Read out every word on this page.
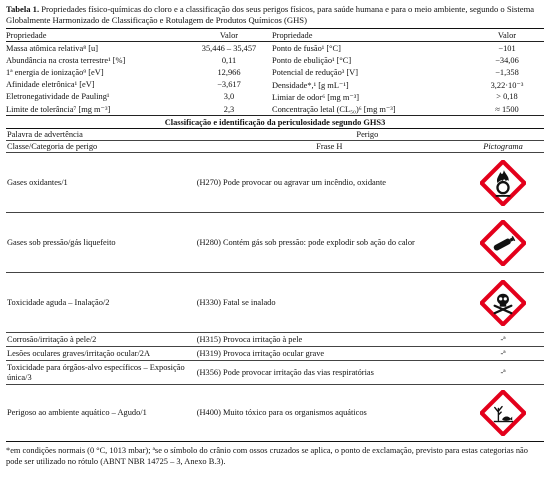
Tabela 1. Propriedades físico-químicas do cloro e a classificação dos seus perigos físicos, para saúde humana e para o meio ambiente, segundo o Sistema Globalmente Harmonizado de Classificação e Rotulagem de Produtos Químicos (GHS)

Propriedade	Valor	Propriedade	Valor
Massa atômica relativa⁸ [u]	35,446 – 35,457	Ponto de fusão¹ [°C]	−101
Abundância na crosta terrestre¹ [%]	0,11	Ponto de ebulição¹ [°C]	−34,06
1ª energia de ionização⁹ [eV]	12,966	Potencial de redução³ [V]	−1,358
Afinidade eletrônica¹ [eV]	−3,617	Densidade*,¹ [g mL⁻¹]	3,22·10⁻³
Eletronegatividade de Pauling¹	3,0	Limiar de odor⁶ [mg m⁻³]	> 0,18
Limite de tolerância⁷ [mg m⁻³]	2,3	Concentração letal (CL₅₀)⁶ [mg m⁻³]	≈ 1500
Classificação e identificação da periculosidade segundo GHS3		
Palavra de advertência	Perigo	
Classe/Categoria de perigo	Frase H	Pictograma
Gases oxidantes/1	(H270) Pode provocar ou agravar um incêndio, oxidante	

Gases sob pressão/gás liquefeito	(H280) Contém gás sob pressão: pode explodir sob ação do calor	

Toxicidade aguda – Inalação/2	(H330) Fatal se inalado	

Corrosão/irritação à pele/2	(H315) Provoca irritação à pele	-ª
Lesões oculares graves/irritação ocular/2A	(H319) Provoca irritação ocular grave	-ª
Toxicidade para órgãos-alvo específicos – Exposição única/3	(H356) Pode provocar irritação das vias respiratórias	-ª
Perigoso ao ambiente aquático – Agudo/1	(H400) Muito tóxico para os organismos aquáticos	

*em condições normais (0 °C, 1013 mbar); ªse o símbolo do crânio com ossos cruzados se aplica, o ponto de exclamação, previsto para estas categorias não pode ser utilizado no rótulo (ABNT NBR 14725 – 3, Anexo B.3).
